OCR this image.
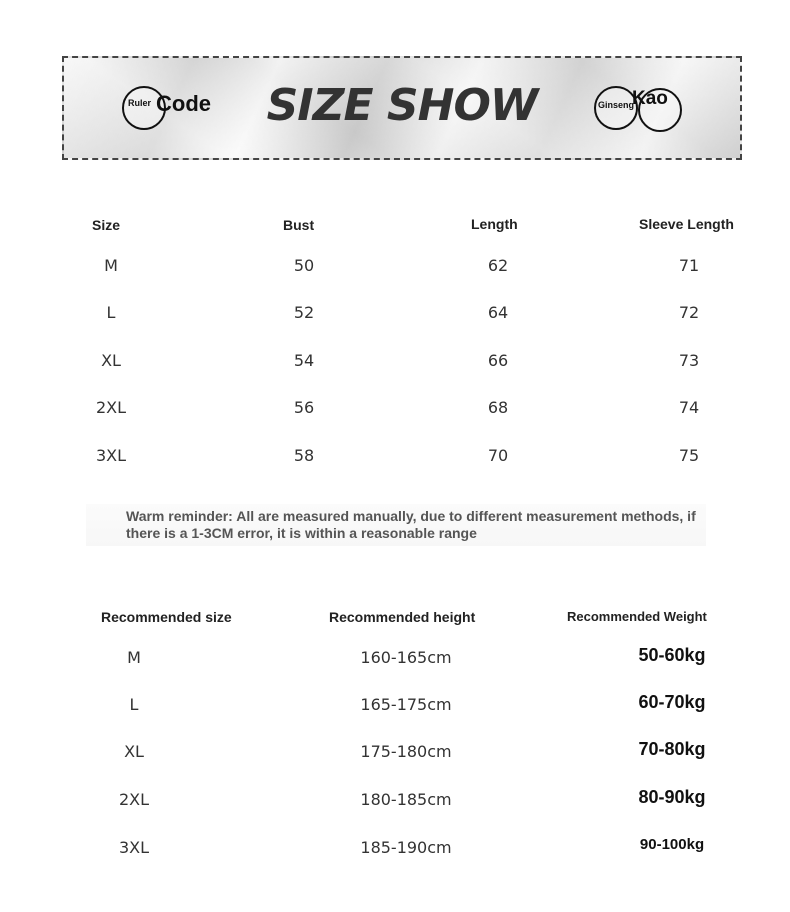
Ruler Code	Ginseng
Kao
SIZE SHOW
Size	Bust	Length	Sleeve Length
M	50	62	71
L	52	64	72
XL	54	66	73
2XL	56	68	74
3XL	58	70	75
Warm reminder: All are measured manually, due to different measurement methods, if there is a 1-3CM error, it is within a reasonable range
Recommended size	Recommended height	Recommended Weight
M	160-165cm	50-60kg
L	165-175cm	60-70kg
XL	175-180cm	70-80kg
2XL	180-185cm	80-90kg
3XL	185-190cm	90-100kg
